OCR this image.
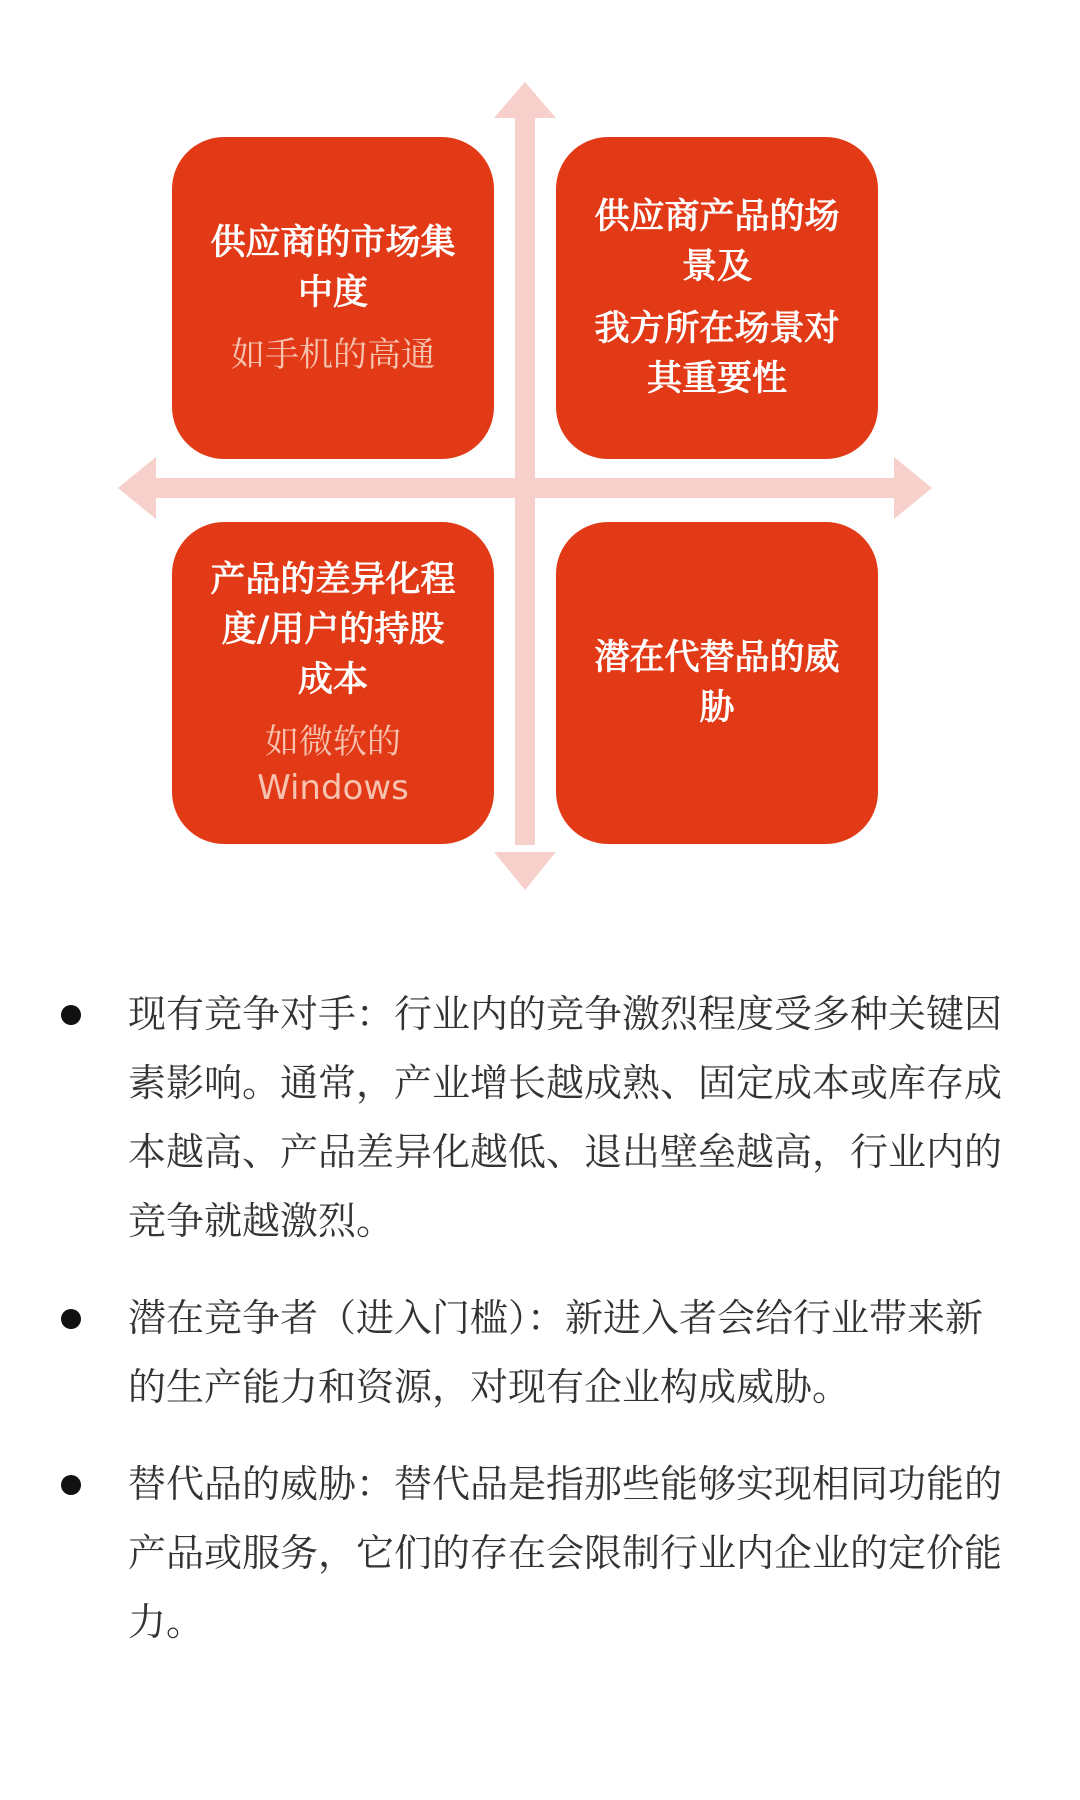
供应商的市场集
中度
如手机的高通
供应商产品的场
景及
我方所在场景对
其重要性
产品的差异化程
度/用户的持股
成本
如微软的
Windows
潜在代替品的威
胁
现有竞争对手：行业内的竞争激烈程度受多种关键因素影响。通常，产业增长越成熟、固定成本或库存成本越高、产品差异化越低、退出壁垒越高，行业内的竞争就越激烈。
潜在竞争者（进入门槛）：新进入者会给行业带来新的生产能力和资源，对现有企业构成威胁。
替代品的威胁：替代品是指那些能够实现相同功能的产品或服务，它们的存在会限制行业内企业的定价能力。
